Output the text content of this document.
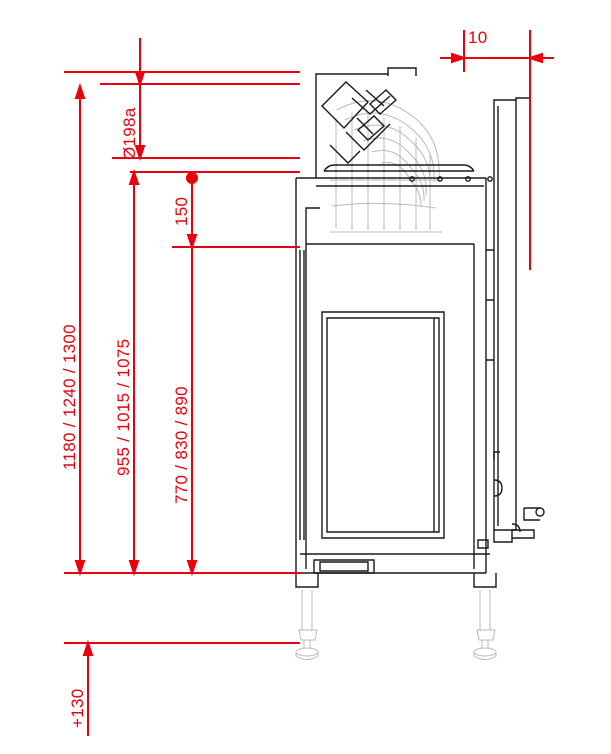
10
Ø198a
150
1180 / 1240 / 1300 955 / 1015 / 1075 770 / 830 / 890
+130
